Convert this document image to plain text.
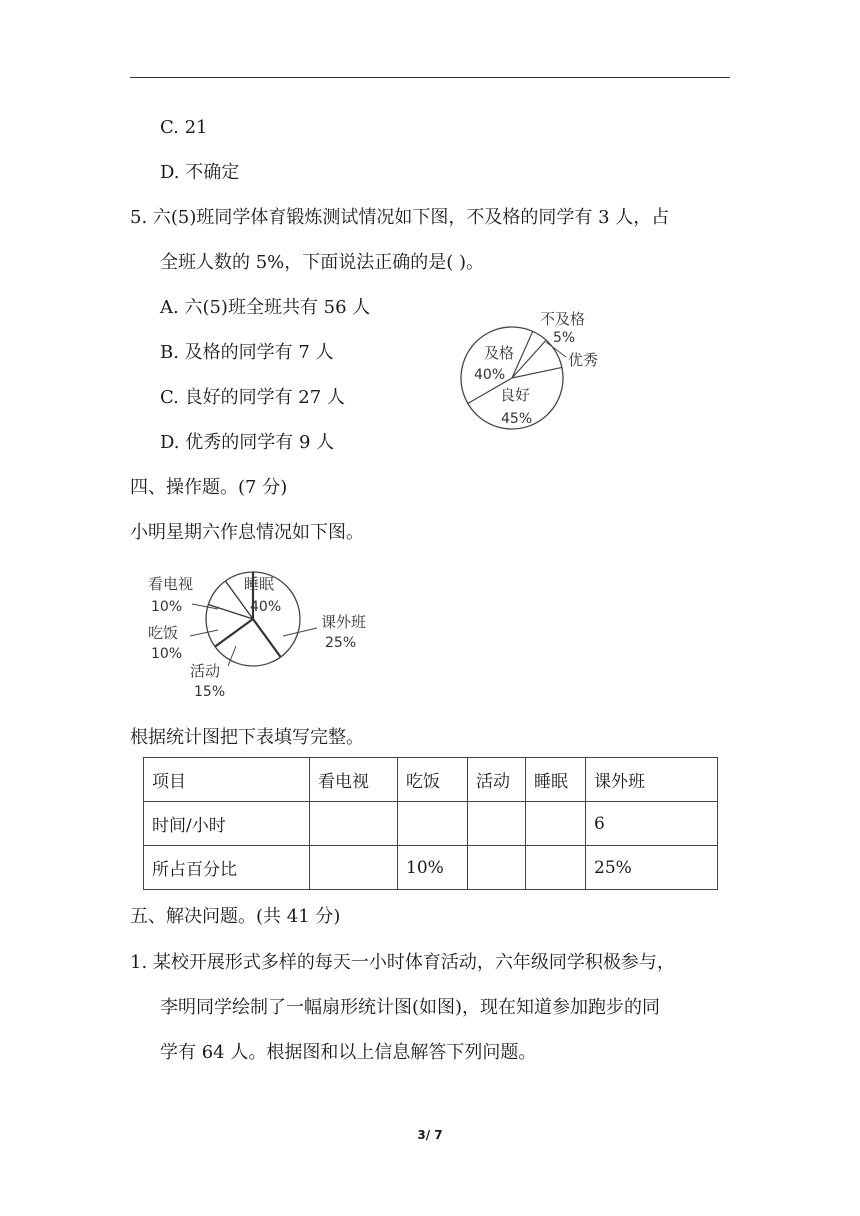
C. 21
D. 不确定
5. 六(5)班同学体育锻炼测试情况如下图，不及格的同学有 3 人，占
全班人数的 5%，下面说法正确的是( )。
A. 六(5)班全班共有 56 人
B. 及格的同学有 7 人
C. 良好的同学有 27 人
D. 优秀的同学有 9 人
不及格
5%
优秀
及格
40%
良好
45%
四、操作题。(7 分)
小明星期六作息情况如下图。
睡眠
40%
课外班
25%
活动
15%
吃饭
10%
看电视
10%
根据统计图把下表填写完整。
项目	看电视	吃饭	活动	睡眠	课外班
时间/小时					6
所占百分比		10%			25%
五、解决问题。(共 41 分)
1. 某校开展形式多样的每天一小时体育活动，六年级同学积极参与，
李明同学绘制了一幅扇形统计图(如图)，现在知道参加跑步的同
学有 64 人。根据图和以上信息解答下列问题。
3/ 7
